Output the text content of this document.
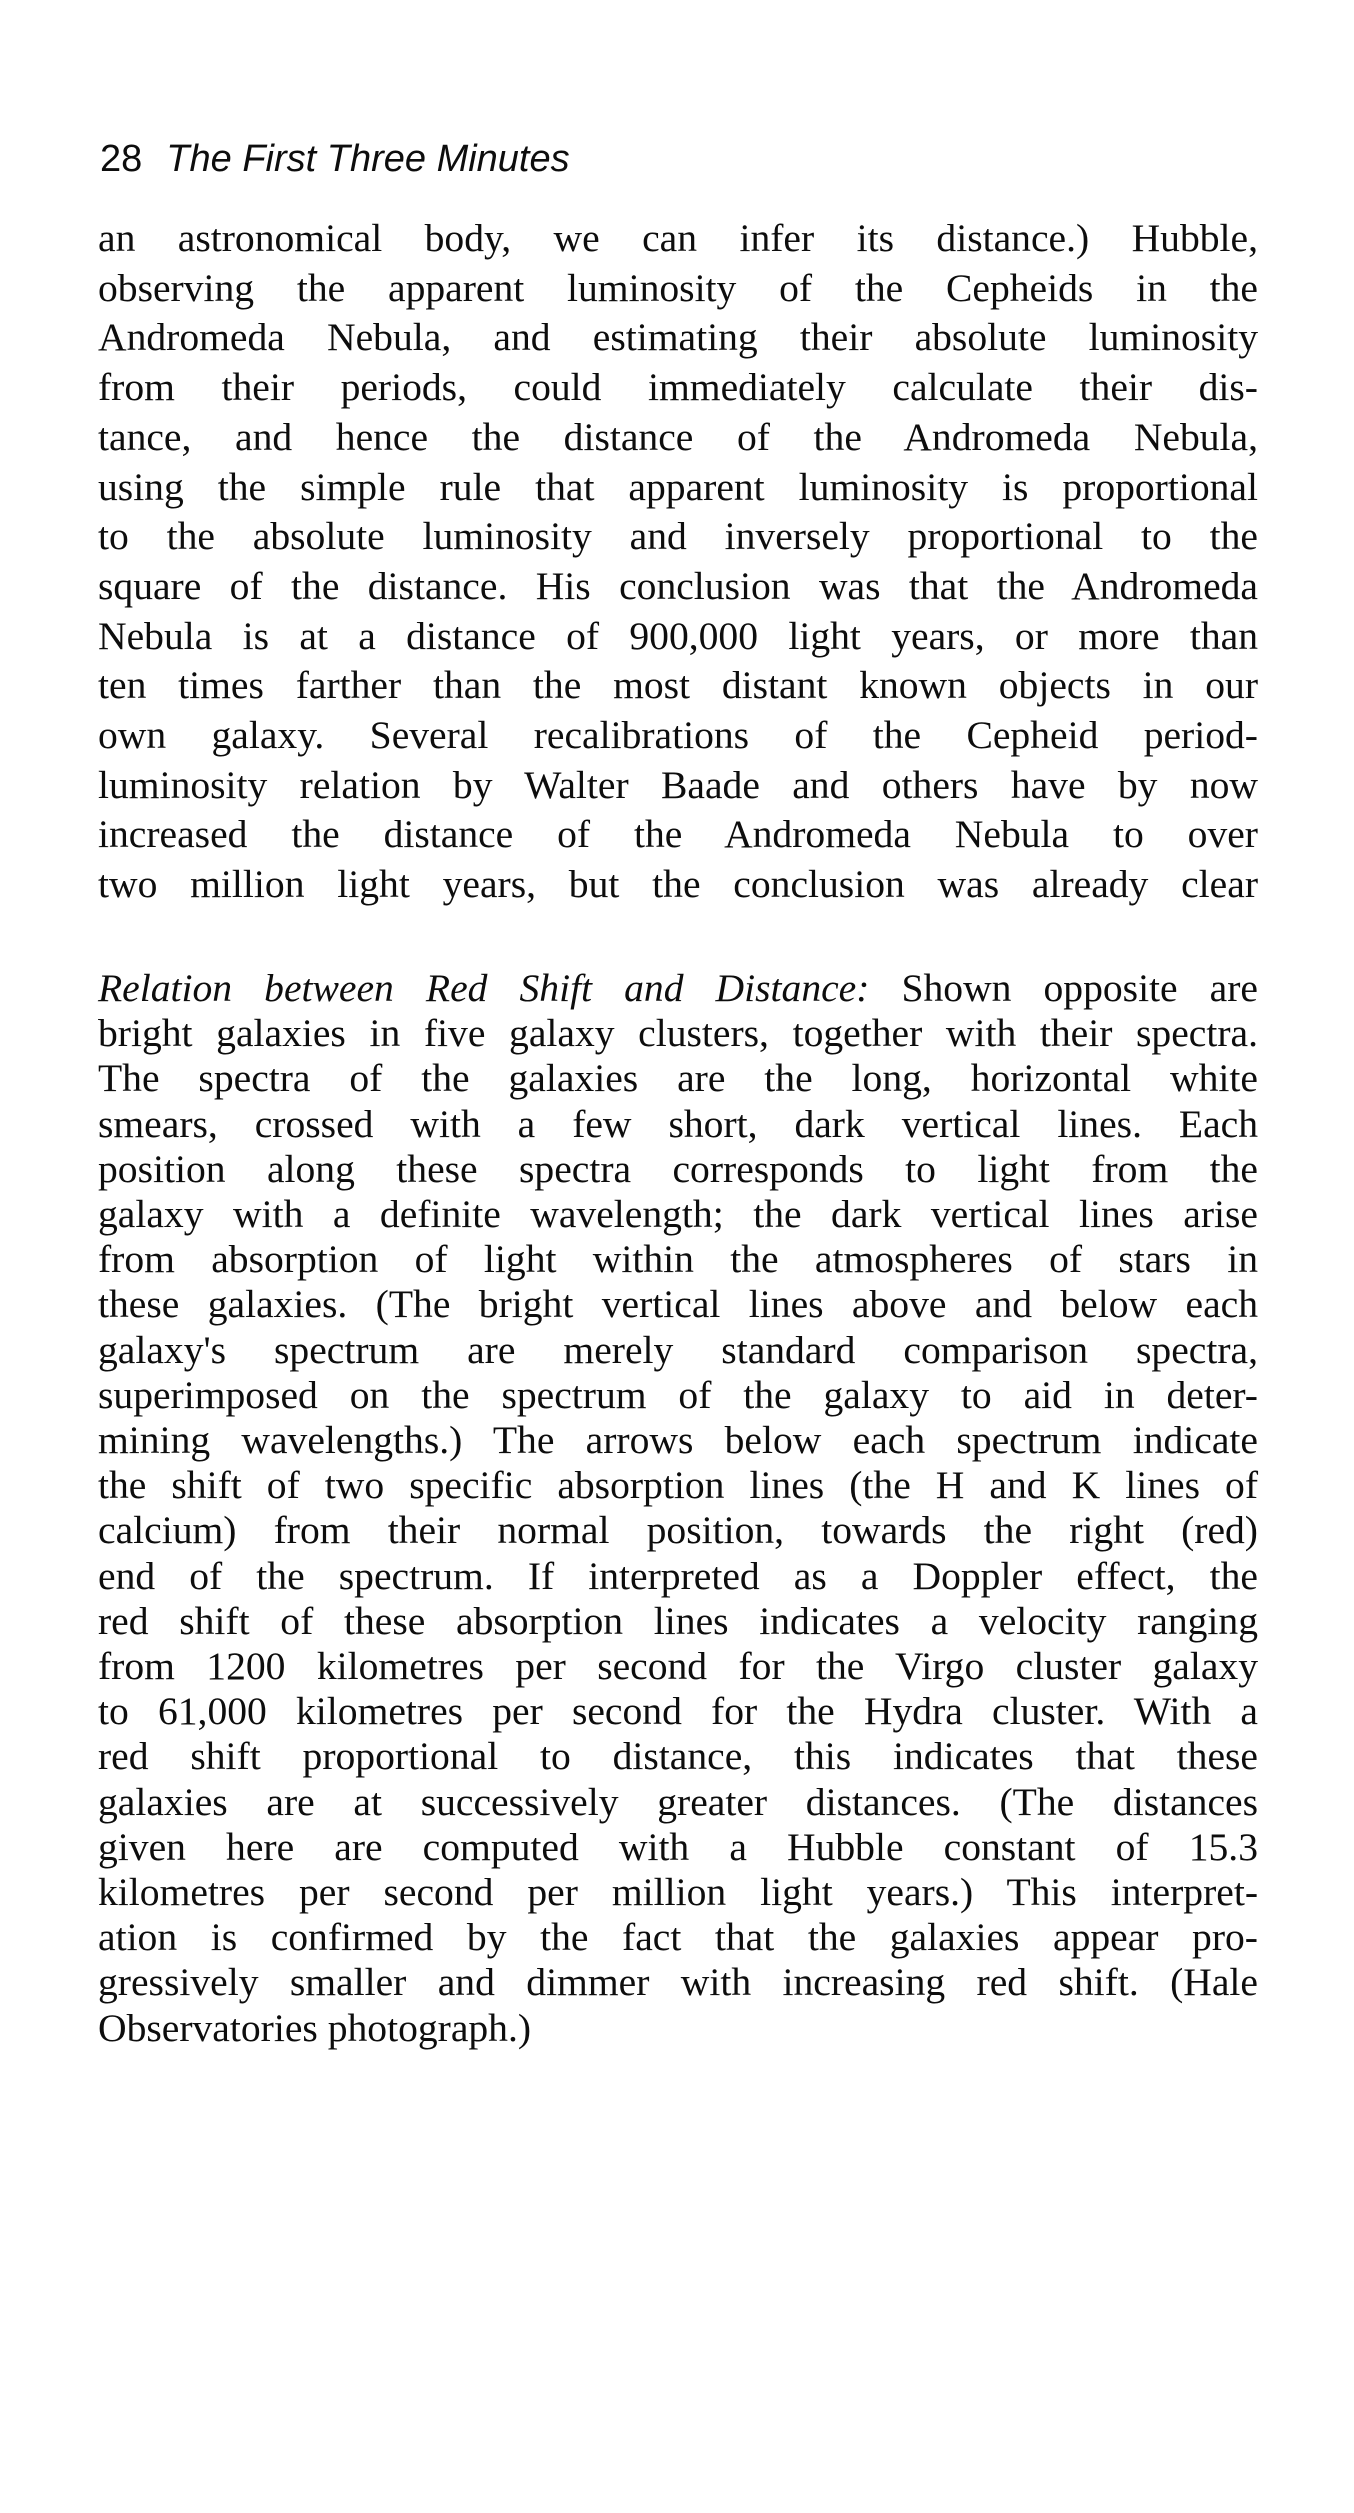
28 The First Three Minutes
an astronomical body, we can infer its distance.) Hubble,
observing the apparent luminosity of the Cepheids in the
Andromeda Nebula, and estimating their absolute luminosity
from their periods, could immediately calculate their dis-
tance, and hence the distance of the Andromeda Nebula,
using the simple rule that apparent luminosity is proportional
to the absolute luminosity and inversely proportional to the
square of the distance. His conclusion was that the Andromeda
Nebula is at a distance of 900,000 light years, or more than
ten times farther than the most distant known objects in our
own galaxy. Several recalibrations of the Cepheid period-
luminosity relation by Walter Baade and others have by now
increased the distance of the Andromeda Nebula to over
two million light years, but the conclusion was already clear
Relation between Red Shift and Distance: Shown opposite are
bright galaxies in five galaxy clusters, together with their spectra.
The spectra of the galaxies are the long, horizontal white
smears, crossed with a few short, dark vertical lines. Each
position along these spectra corresponds to light from the
galaxy with a definite wavelength; the dark vertical lines arise
from absorption of light within the atmospheres of stars in
these galaxies. (The bright vertical lines above and below each
galaxy's spectrum are merely standard comparison spectra,
superimposed on the spectrum of the galaxy to aid in deter-
mining wavelengths.) The arrows below each spectrum indicate
the shift of two specific absorption lines (the H and K lines of
calcium) from their normal position, towards the right (red)
end of the spectrum. If interpreted as a Doppler effect, the
red shift of these absorption lines indicates a velocity ranging
from 1200 kilometres per second for the Virgo cluster galaxy
to 61,000 kilometres per second for the Hydra cluster. With a
red shift proportional to distance, this indicates that these
galaxies are at successively greater distances. (The distances
given here are computed with a Hubble constant of 15.3
kilometres per second per million light years.) This interpret-
ation is confirmed by the fact that the galaxies appear pro-
gressively smaller and dimmer with increasing red shift. (Hale
Observatories photograph.)
